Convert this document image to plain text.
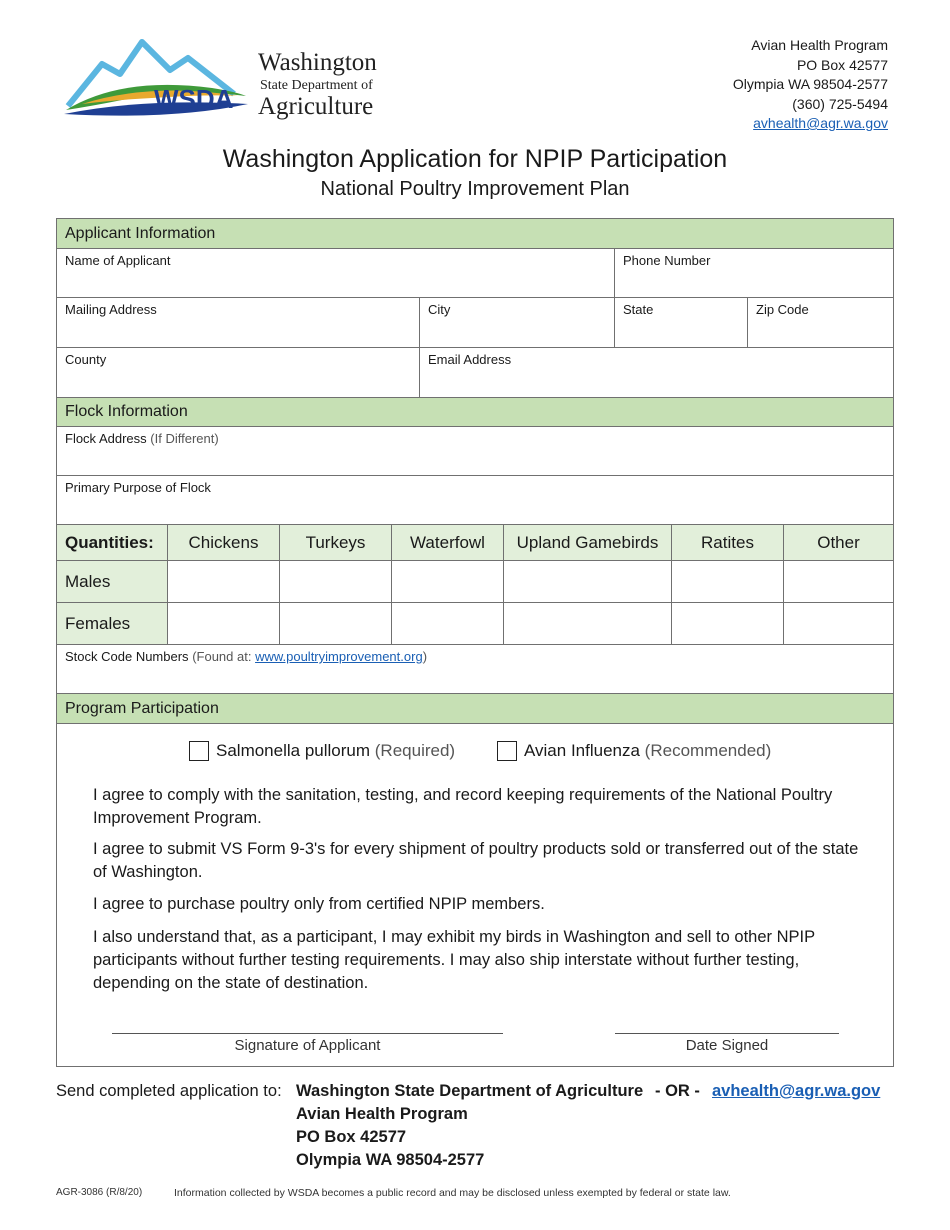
WSDA
Washington
State Department of
Agriculture
Avian Health Program
PO Box 42577
Olympia WA 98504-2577
(360) 725-5494
avhealth@agr.wa.gov
Washington Application for NPIP Participation
National Poultry Improvement Plan
Applicant Information
Name of Applicant	Phone Number
Mailing Address	City	State	Zip Code
County	Email Address
Flock Information
Flock Address (If Different)
Primary Purpose of Flock
Quantities:	Chickens	Turkeys	Waterfowl	Upland Gamebirds	Ratites	Other
Males
Females
Stock Code Numbers (Found at: www.poultryimprovement.org)
Program Participation
Salmonella pullorum
(Required)	Avian Influenza
(Recommended)
I agree to comply with the sanitation, testing, and record keeping requirements of the National Poultry Improvement Program.
I agree to submit VS Form 9-3's for every shipment of poultry products sold or transferred out of the state of Washington.
I agree to purchase poultry only from certified NPIP members.
I also understand that, as a participant, I may exhibit my birds in Washington and sell to other NPIP participants without further testing requirements. I may also ship interstate without further testing, depending on the state of destination.
Signature of Applicant	Date Signed
Send completed application to: Washington State Department of Agriculture - OR - avhealth@agr.wa.gov
Avian Health Program
PO Box 42577
Olympia WA 98504-2577
AGR-3086 (R/8/20)	Information collected by WSDA becomes a public record and may be disclosed unless exempted by federal or state law.
